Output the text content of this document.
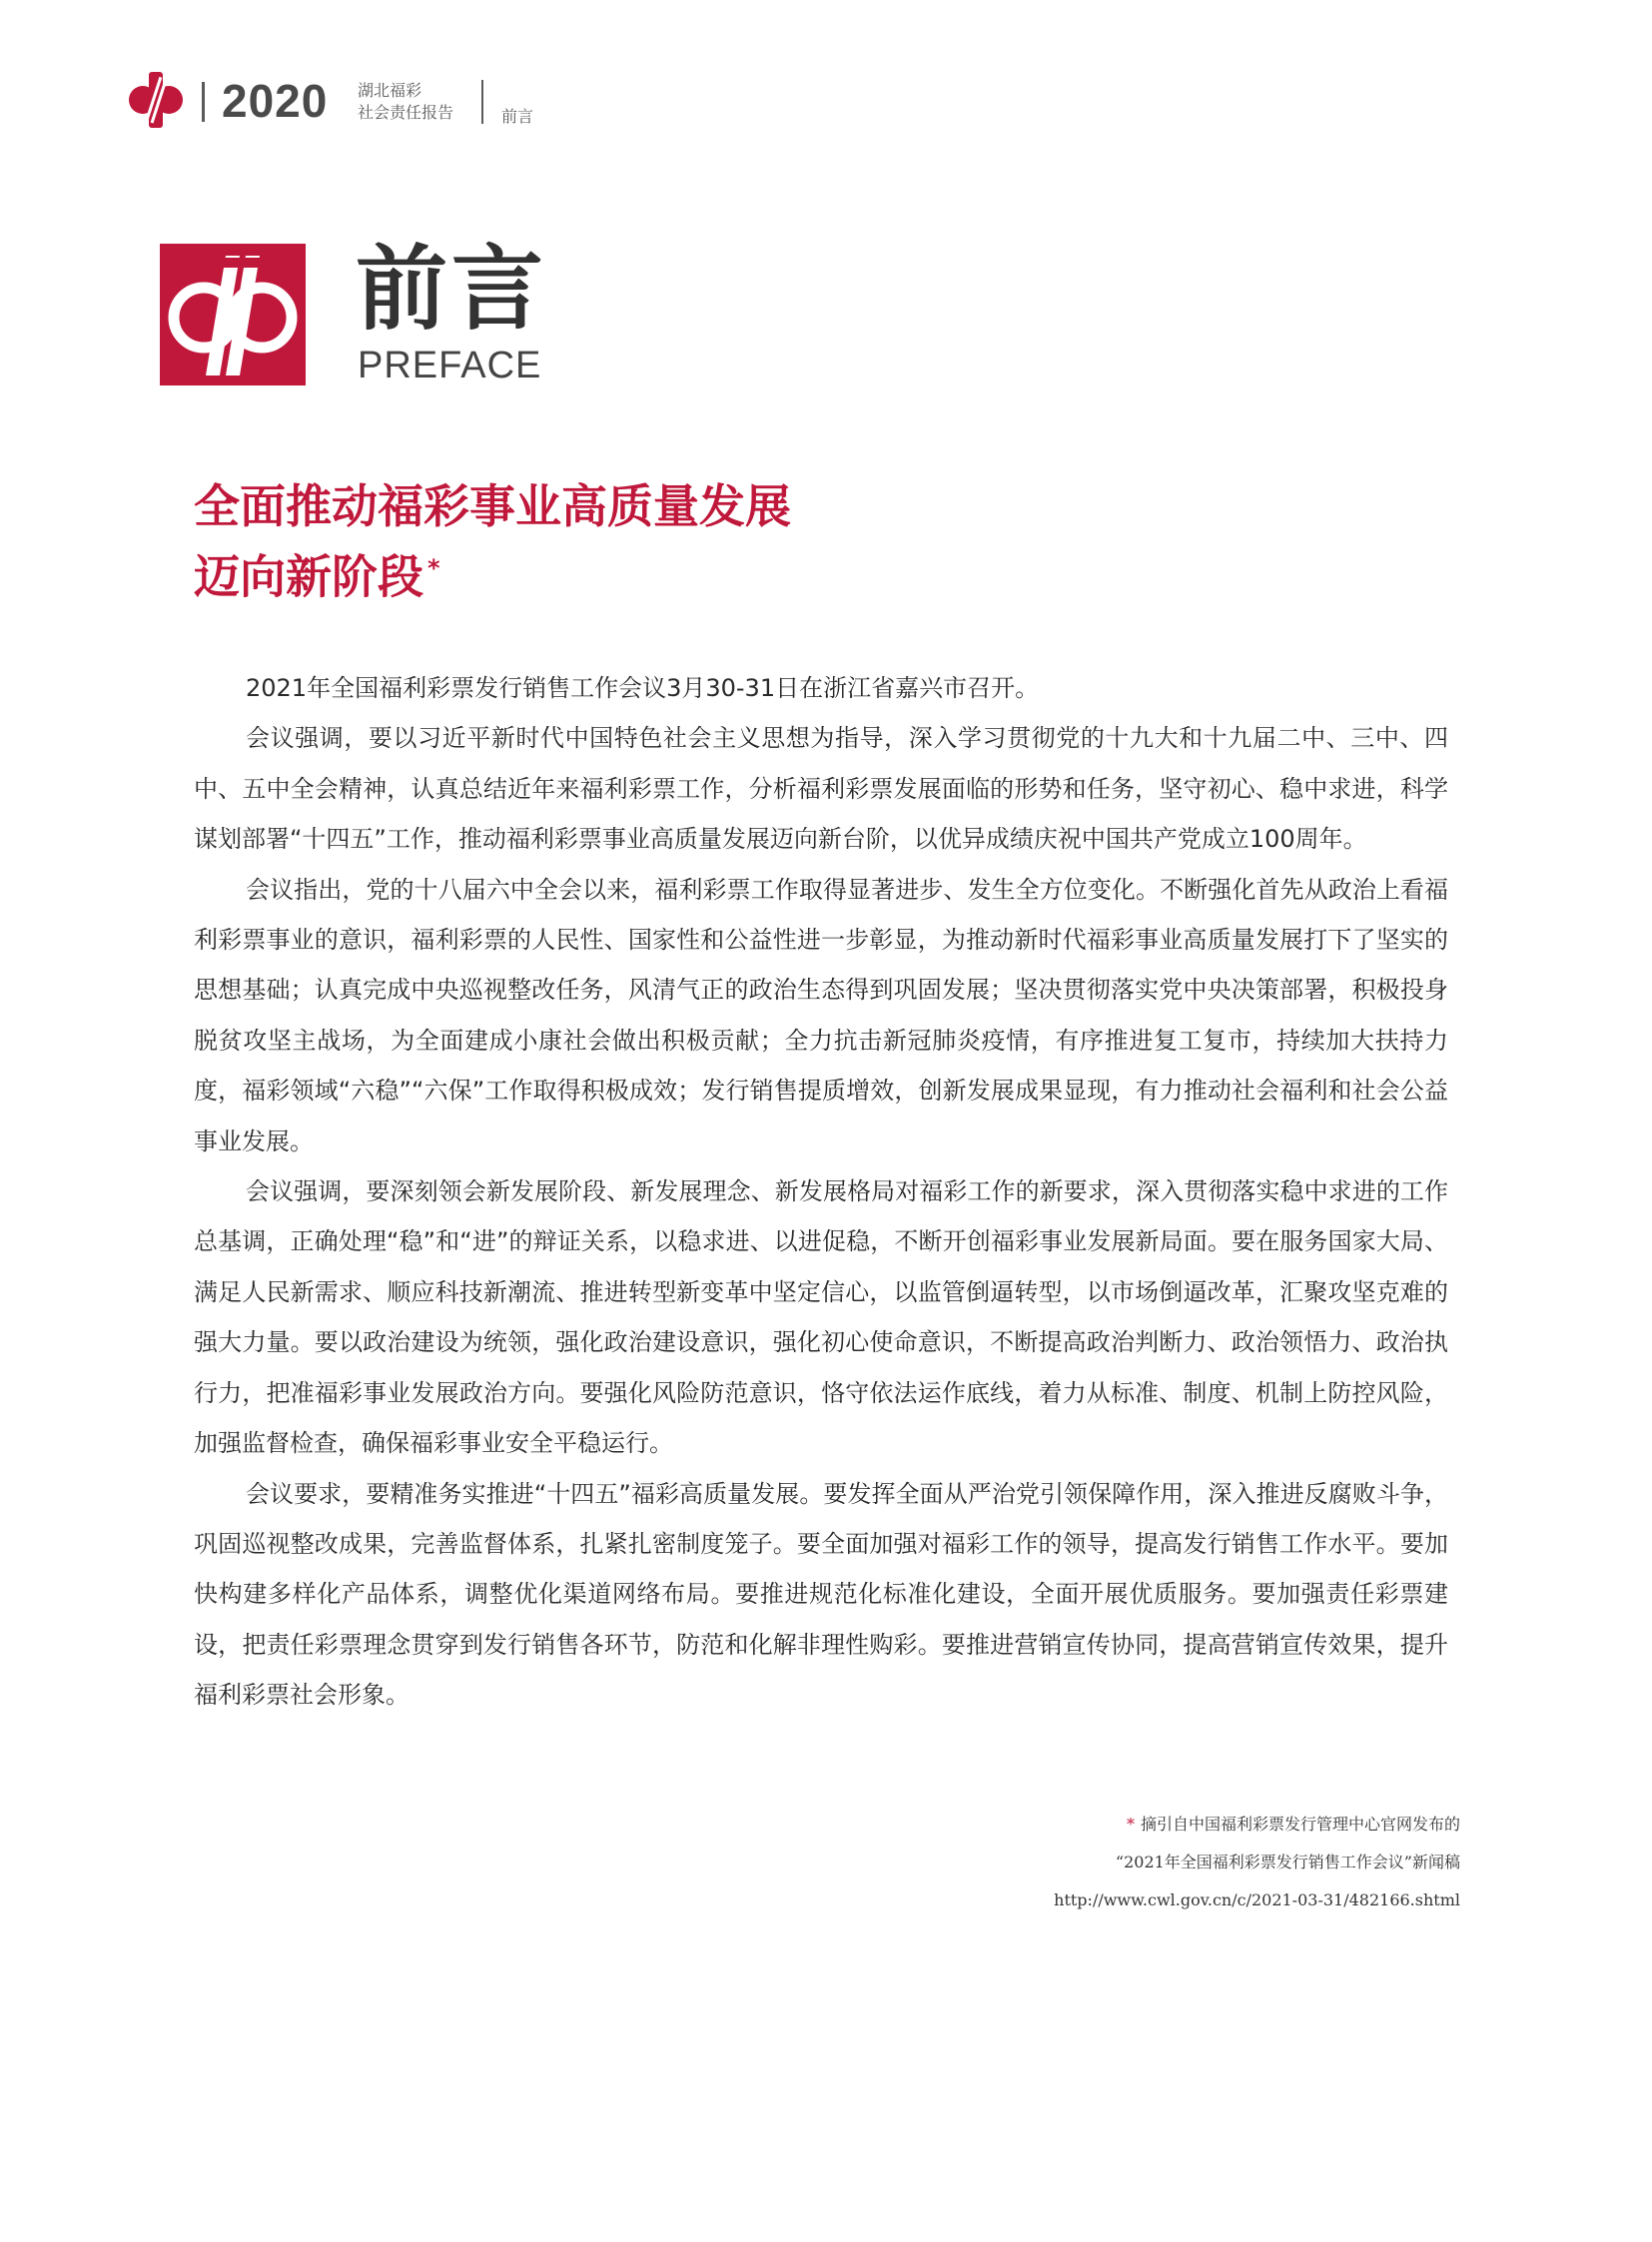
2020 湖北福彩
社会责任报告	前言
前言
PREFACE
全面推动福彩事业高质量发展
迈向新阶段 *

2021年全国福利彩票发行销售工作会议3月30-31日在浙江省嘉兴市召开。

会议强调，要以习近平新时代中国特色社会主义思想为指导，深入学习贯彻党的十九大和十九届二中、三中、四中、五中全会精神，认真总结近年来福利彩票工作，分析福利彩票发展面临的形势和任务，坚守初心、稳中求进，科学谋划部署“十四五”工作，推动福利彩票事业高质量发展迈向新台阶，以优异成绩庆祝中国共产党成立100周年。

会议指出，党的十八届六中全会以来，福利彩票工作取得显著进步、发生全方位变化。不断强化首先从政治上看福利彩票事业的意识，福利彩票的人民性、国家性和公益性进一步彰显，为推动新时代福彩事业高质量发展打下了坚实的思想基础；认真完成中央巡视整改任务，风清气正的政治生态得到巩固发展；坚决贯彻落实党中央决策部署，积极投身脱贫攻坚主战场，为全面建成小康社会做出积极贡献；全力抗击新冠肺炎疫情，有序推进复工复市，持续加大扶持力度，福彩领域“六稳”“六保”工作取得积极成效；发行销售提质增效，创新发展成果显现，有力推动社会福利和社会公益事业发展。

会议强调，要深刻领会新发展阶段、新发展理念、新发展格局对福彩工作的新要求，深入贯彻落实稳中求进的工作总基调，正确处理“稳”和“进”的辩证关系，以稳求进、以进促稳，不断开创福彩事业发展新局面。要在服务国家大局、满足人民新需求、顺应科技新潮流、推进转型新变革中坚定信心，以监管倒逼转型，以市场倒逼改革，汇聚攻坚克难的强大力量。要以政治建设为统领，强化政治建设意识，强化初心使命意识，不断提高政治判断力、政治领悟力、政治执行力，把准福彩事业发展政治方向。要强化风险防范意识，恪守依法运作底线，着力从标准、制度、机制上防控风险，加强监督检查，确保福彩事业安全平稳运行。

会议要求，要精准务实推进“十四五”福彩高质量发展。要发挥全面从严治党引领保障作用，深入推进反腐败斗争，巩固巡视整改成果，完善监督体系，扎紧扎密制度笼子。要全面加强对福彩工作的领导，提高发行销售工作水平。要加快构建多样化产品体系，调整优化渠道网络布局。要推进规范化标准化建设，全面开展优质服务。要加强责任彩票建设，把责任彩票理念贯穿到发行销售各环节，防范和化解非理性购彩。要推进营销宣传协同，提高营销宣传效果，提升福利彩票社会形象。

* 摘引自中国福利彩票发行管理中心官网发布的
“2021年全国福利彩票发行销售工作会议”新闻稿
http://www.cwl.gov.cn/c/2021-03-31/482166.shtml
